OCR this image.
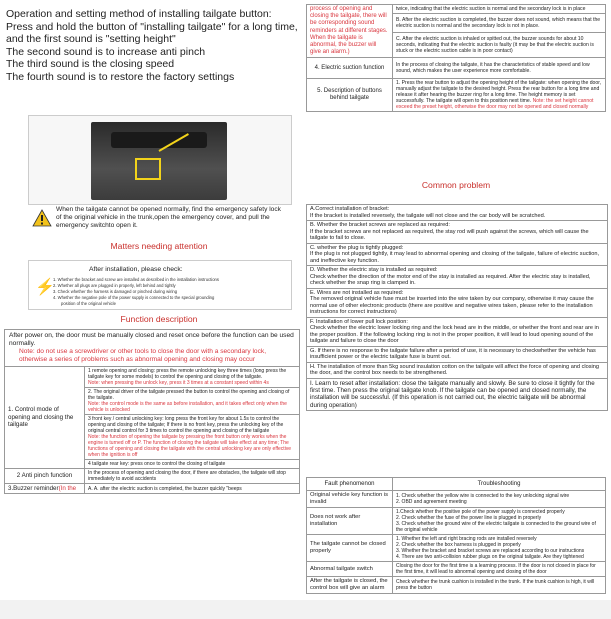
Operation and setting method of installing tailgate button:

Press and hold the button of "installing tailgate" for a long time, and the first sound is "setting height"

The second sound is to increase anti pinch

The third sound is the closing speed

The fourth sound is to restore the factory settings

When the tailgate cannot be opened normally, find the emergency safety lock of the original vehicle in the trunk,open the emergency cover, and pull the emergency switchto open it.
Matters needing attention
⚡
After installation, please check:
1. Whether the bracket and screw are installed as described in the installation instructions
2. Whether all plugs are plugged in properly, left behind and tightly
3. Check whether the harness is damaged or pinched during wiring
4. Whether the negative pole of the power supply is connected to the special grounding
position of the original vehicle
Function description
After power on, the door must be manually closed and reset once before the function can be used normally.
Note: do not use a screwdriver or other tools to close the door with a secondary lock, otherwise a series of problems such as abnormal opening and closing may occur
1. Control mode of opening and closing the tailgate	1 remote opening and closing: press the remote unlocking key three times (long press the tailgate key for some models) to control the opening and closing of the tailgate.
Note: when pressing the unlock key, press it 3 times at a constant speed within 4s

	2. The original driver of the tailgate pressed the button to control the opening and closing of the tailgate.
Note: the control mode is the same as before installation, and it takes effect only when the vehicle is unlocked

	3 front key / central unlocking key: long press the front key for about 1.5s to control the opening and closing of the tailgate; If there is no front key, press the unlocking key of the original central control for 3 times to control the opening and closing of the tailgate
Note: the function of opening the tailgate by pressing the front button only works when the engine is turned off or P. The function of closing the tailgate will take effect at any time; The functions of opening and closing the tailgate with the central unlocking key are only effective when the ignition is off

	4 tailgate rear key: press once to control the closing of tailgate
2 Anti pinch function	In the process of opening and closing the door, if there are obstacles, the tailgate will stop immediately to avoid accidents
3.Buzzer reminder(In the	A. A. after the electric suction is completed, the buzzer quickly "beeps
process of opening and closing the tailgate, there will be corresponding sound reminders at different stages. When the tailgate is abnormal, the buzzer will give an alarm.)	twice, indicating that the electric suction is normal and the secondary lock is in place
	B. After the electric suction is completed, the buzzer does not sound, which means that the electric suction is normal and the secondary lock is not in place.
	C. After the electric suction is inhaled or spitted out, the buzzer sounds for about 10 seconds, indicating that the electric suction is faulty (it may be that the electric suction is stuck or the electric suction cable is in poor contact)
4. Electric suction function	In the process of closing the tailgate, it has the characteristics of stable speed and low sound, which makes the user experience more comfortable.
5. Description of buttons behind tailgate	1. Press the rear button to adjust the opening height of the tailgate: when opening the door, manually adjust the tailgate to the desired height. Press the rear button for a long time and release it after hearing the buzzer ring for a long time. The height memory is set successfully. The tailgate will open to this position next time. Note: the set height cannot exceed the preset height, otherwise the door may not be opened and closed normally
Common problem
A.Correct installation of bracket:
If the bracket is installed reversely, the tailgate will not close and the car body will be scratched.
B. Whether the bracket screws are replaced as required:
If the bracket screws are not replaced as required, the stay rod will push against the screws, which will cause the tailgate to fail to close.
C. whether the plug is tightly plugged:
If the plug is not plugged tightly, it may lead to abnormal opening and closing of the tailgate, failure of electric suction, and ineffective key function.
D. Whether the electric stay is installed as required:
Check whether the direction of the motor end of the stay is installed as required. After the electric stay is installed, check whether the snap ring is clamped in.
E. Wires are not installed as required:
The removed original vehicle fuse must be inserted into the wire taken by our company, otherwise it may cause the normal use of other electronic products (there are positive and negative wires taken, please refer to the installation instructions for correct instructions)
F. Installation of lower pull lock position:
Check whether the electric lower locking ring and the lock head are in the middle, or whether the front and rear are in the proper position. If the following locking ring is not in the proper position, it will lead to loud opening sound of the tailgate and failure to close the door
G. If there is no response to the tailgate failure after a period of use, it is necessary to checkwhether the vehicle has insufficient power or the electric tailgate fuse is burnt out.
H. The installation of more than 5kg sound insulation cotton on the tailgate will affect the force of opening and closing the door, and the control box needs to be strengthened.
I. Learn to reset after installation: close the tailgate manually and slowly. Be sure to close it tightly for the first time. Then press the original tailgate knob. If the tailgate can be opened and closed normally, the installation will be successful. (If this operation is not carried out, the electric tailgate will be abnormal during operation)
Fault phenomenon	Troubleshooting
Original vehicle key function is invalid	1. Check whether the yellow wire is connected to the key unlocking signal wire
2. OBD and agreement meeting

Does not work after installation	1.Check whether the positive pole of the power supply is connected properly
2. Check whether the fuse of the power line is plugged in properly
3. Check whether the ground wire of the electric tailgate is connected to the ground wire of the original vehicle

The tailgate cannot be closed properly	1. Whether the left and right bracing rods are installed reversely
2. Check whether the box harness is plugged in properly
3. Whether the bracket and bracket screws are replaced according to our instructions
4. There are two anti-collision rubber plugs on the original tailgate. Are they tightened

Abnormal tailgate switch	Closing the door for the first time is a learning process. If the door is not closed in place for the first time, it will lead to abnormal opening and closing of the door
After the tailgate is closed, the control box will give an alarm	Check whether the trunk cushion is installed in the trunk. If the trunk cushion is high, it will press the button
